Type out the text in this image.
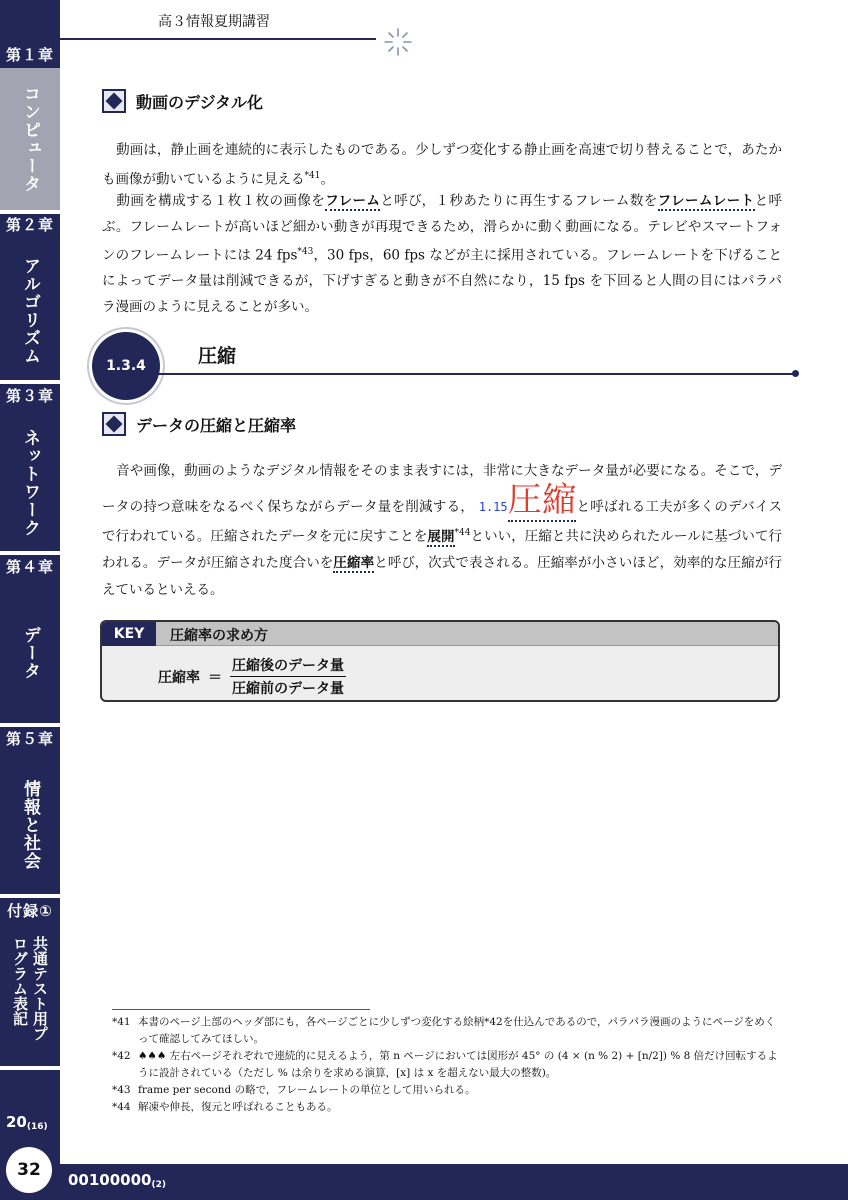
第１章
コンピュータ
第２章
アルゴリズム
第３章
ネットワーク
第４章
データ
第５章
情報と社会
付録①
共通テスト用プログラム表記
$20_{(16)}$
32	$00100000_{(2)}$
高３情報夏期講習
動画のデジタル化
動画は，静止画を連続的に表示したものである。少しずつ変化する静止画を高速で切り替えることで，あたかも画像が動いているように見える$^{*41}$。
動画を構成する１枚１枚の画像をフレームと呼び，１秒あたりに再生するフレーム数をフレームレートと呼ぶ。フレームレートが高いほど細かい動きが再現できるため，滑らかに動く動画になる。テレビやスマートフォンのフレームレートには 24 fps$^{*43}$，30 fps，60 fps などが主に採用されている。フレームレートを下げることによってデータ量は削減できるが，下げすぎると動きが不自然になり，15 fps を下回ると人間の目にはパラパラ漫画のように見えることが多い。
1.3.4	圧縮
データの圧縮と圧縮率
音や画像，動画のようなデジタル情報をそのまま表すには，非常に大きなデータ量が必要になる。そこで，データの持つ意味をなるべく保ちながらデータ量を削減する， 1.15圧縮と呼ばれる工夫が多くのデバイスで行われている。圧縮されたデータを元に戻すことを展開$^{*44}$といい，圧縮と共に決められたルールに基づいて行われる。データが圧縮された度合いを圧縮率と呼び，次式で表される。圧縮率が小さいほど，効率的な圧縮が行えているといえる。
KEY	圧縮率の求め方
圧縮率 ＝ $\frac{\text{圧縮後のデータ量}}{\text{圧縮前のデータ量}}$
*41 本書のページ上部のヘッダ部にも，各ページごとに少しずつ変化する絵柄*42を仕込んであるので，パラパラ漫画のようにページをめくって確認してみてほしい。
*42 ♠♠♠ 左右ページそれぞれで連続的に見えるよう，第 n ページにおいては図形が 45° の (4 × (n % 2) + [n/2]) % 8 倍だけ回転するように設計されている（ただし % は余りを求める演算，[x] は x を超えない最大の整数)。
*43 frame per second の略で，フレームレートの単位として用いられる。
*44 解凍や伸長，復元と呼ばれることもある。
